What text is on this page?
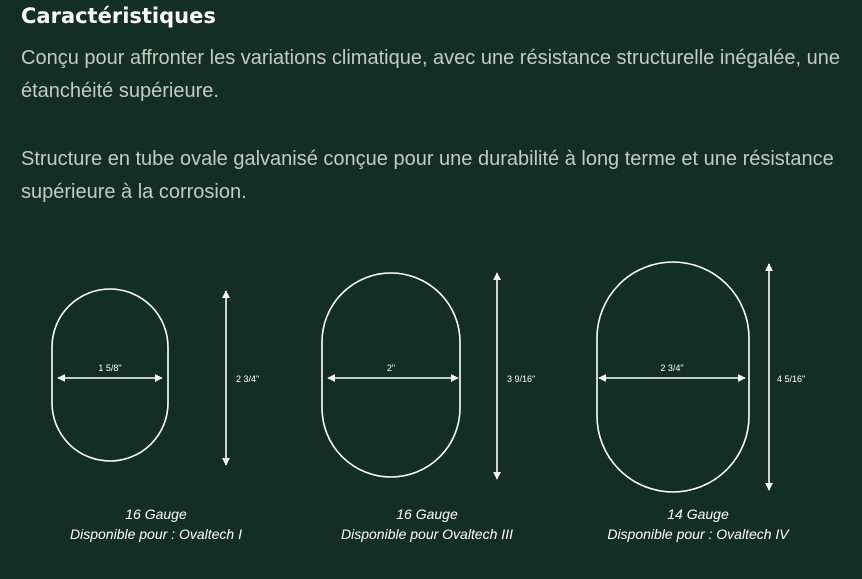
Caractéristiques

Conçu pour affronter les variations climatique, avec une résistance structurelle inégalée, une étanchéité supérieure.

Structure en tube ovale galvanisé conçue pour une durabilité à long terme et une résistance supérieure à la corrosion.

1 5/8"
2 3/4"
2"
3 9/16"
2 3/4"
4 5/16"
16 Gauge
Disponible pour : Ovaltech I
16 Gauge
Disponible pour Ovaltech III
14 Gauge
Disponible pour : Ovaltech IV
